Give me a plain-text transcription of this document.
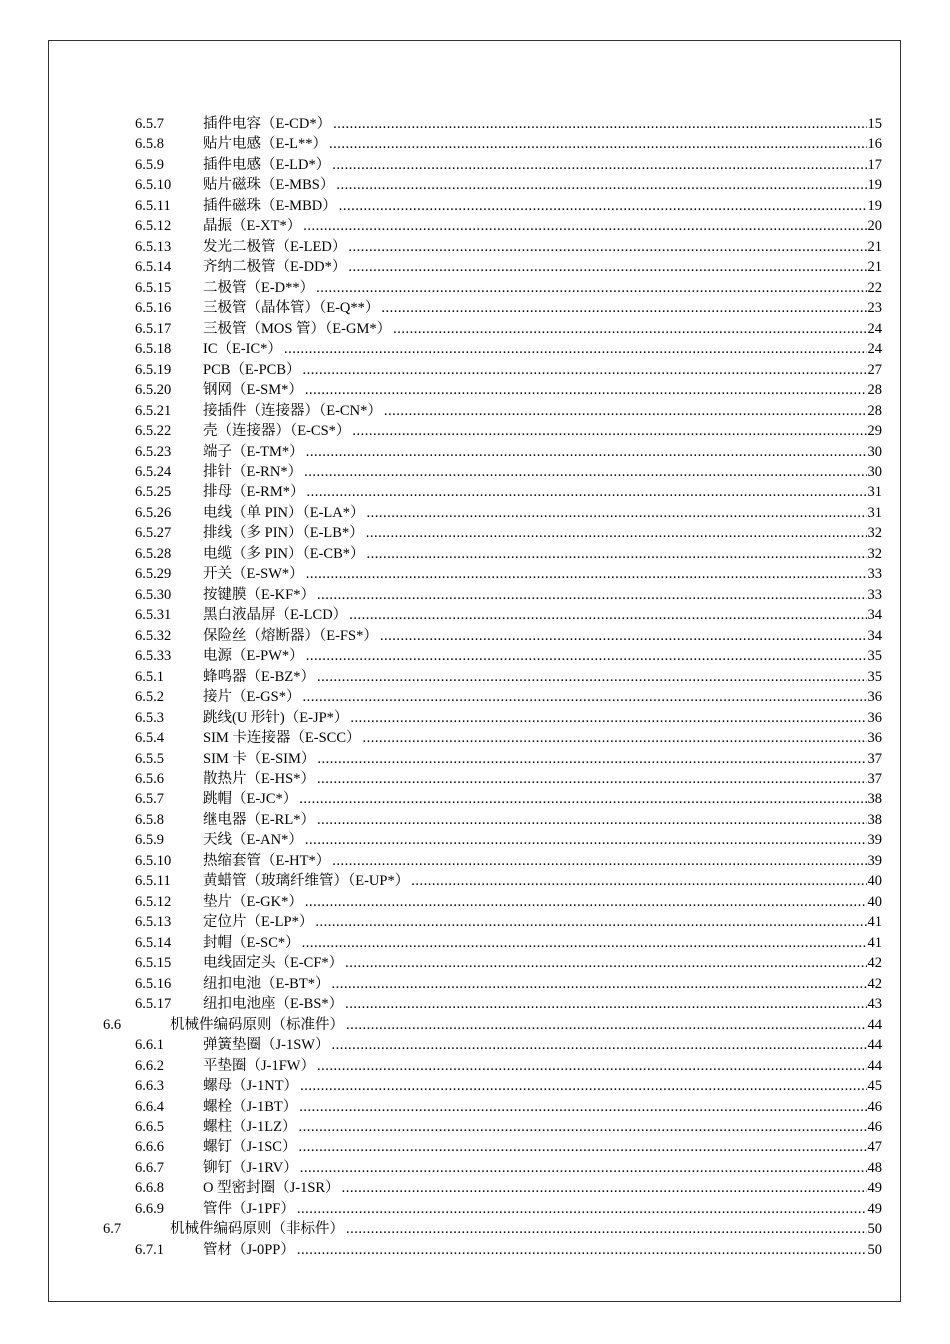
6.5.7	插件电容（E-CD*） .....	15
6.5.8	贴片电感（E-L**） .....	16
6.5.9	插件电感（E-LD*） .....	17
6.5.10 贴片磁珠（E-MBS） .....	19
6.5.11 插件磁珠（E-MBD） .....	19
6.5.12 晶振（E-XT*） .....	20
6.5.13 发光二极管（E-LED） .....	21
6.5.14 齐纳二极管（E-DD*） .....	21
6.5.15 二极管（E-D**） .....	22
6.5.16 三极管（晶体管）（E-Q**） .....	23
6.5.17 三极管（MOS 管）（E-GM*） .....	24
6.5.18 IC（E-IC*） .....	24
6.5.19 PCB（E-PCB） .....	27
6.5.20 钢网（E-SM*） .....	28
6.5.21 接插件（连接器）（E-CN*） .....	28
6.5.22 壳（连接器）（E-CS*） .....	29
6.5.23 端子（E-TM*） .....	30
6.5.24 排针（E-RN*） .....	30
6.5.25 排母（E-RM*） .....	31
6.5.26 电线（单 PIN）（E-LA*） .....	31
6.5.27 排线（多 PIN）（E-LB*） .....	32
6.5.28 电缆（多 PIN）（E-CB*） .....	32
6.5.29 开关（E-SW*） .....	33
6.5.30 按键膜（E-KF*） .....	33
6.5.31 黑白液晶屏（E-LCD） .....	34
6.5.32 保险丝（熔断器）（E-FS*） .....	34
6.5.33 电源（E-PW*） .....	35
6.5.1	蜂鸣器（E-BZ*） .....	35
6.5.2	接片（E-GS*） .....	36
6.5.3	跳线(U 形针)（E-JP*） .....	36
6.5.4	SIM 卡连接器（E-SCC） .....	36
6.5.5	SIM 卡（E-SIM） .....	37
6.5.6	散热片（E-HS*） .....	37
6.5.7	跳帽（E-JC*） .....	38
6.5.8	继电器（E-RL*） .....	38
6.5.9	天线（E-AN*） .....	39
6.5.10 热缩套管（E-HT*） .....	39
6.5.11 黄蜡管（玻璃纤维管）（E-UP*） .....	40
6.5.12 垫片（E-GK*） .....	40
6.5.13 定位片（E-LP*） .....	41
6.5.14 封帽（E-SC*） .....	41
6.5.15 电线固定头（E-CF*） .....	42
6.5.16 纽扣电池（E-BT*） .....	42
6.5.17 纽扣电池座（E-BS*） .....	43
6.6	机械件编码原则（标准件） .....	44
6.6.1	弹簧垫圈（J-1SW） .....	44
6.6.2	平垫圈（J-1FW） .....	44
6.6.3	螺母（J-1NT） .....	45
6.6.4	螺栓（J-1BT） .....	46
6.6.5	螺柱（J-1LZ） .....	46
6.6.6	螺钉（J-1SC） .....	47
6.6.7	铆钉（J-1RV） .....	48
6.6.8	O 型密封圈（J-1SR） .....	49
6.6.9	管件（J-1PF） .....	49
6.7	机械件编码原则（非标件） .....	50
6.7.1	管材（J-0PP） .....	50
